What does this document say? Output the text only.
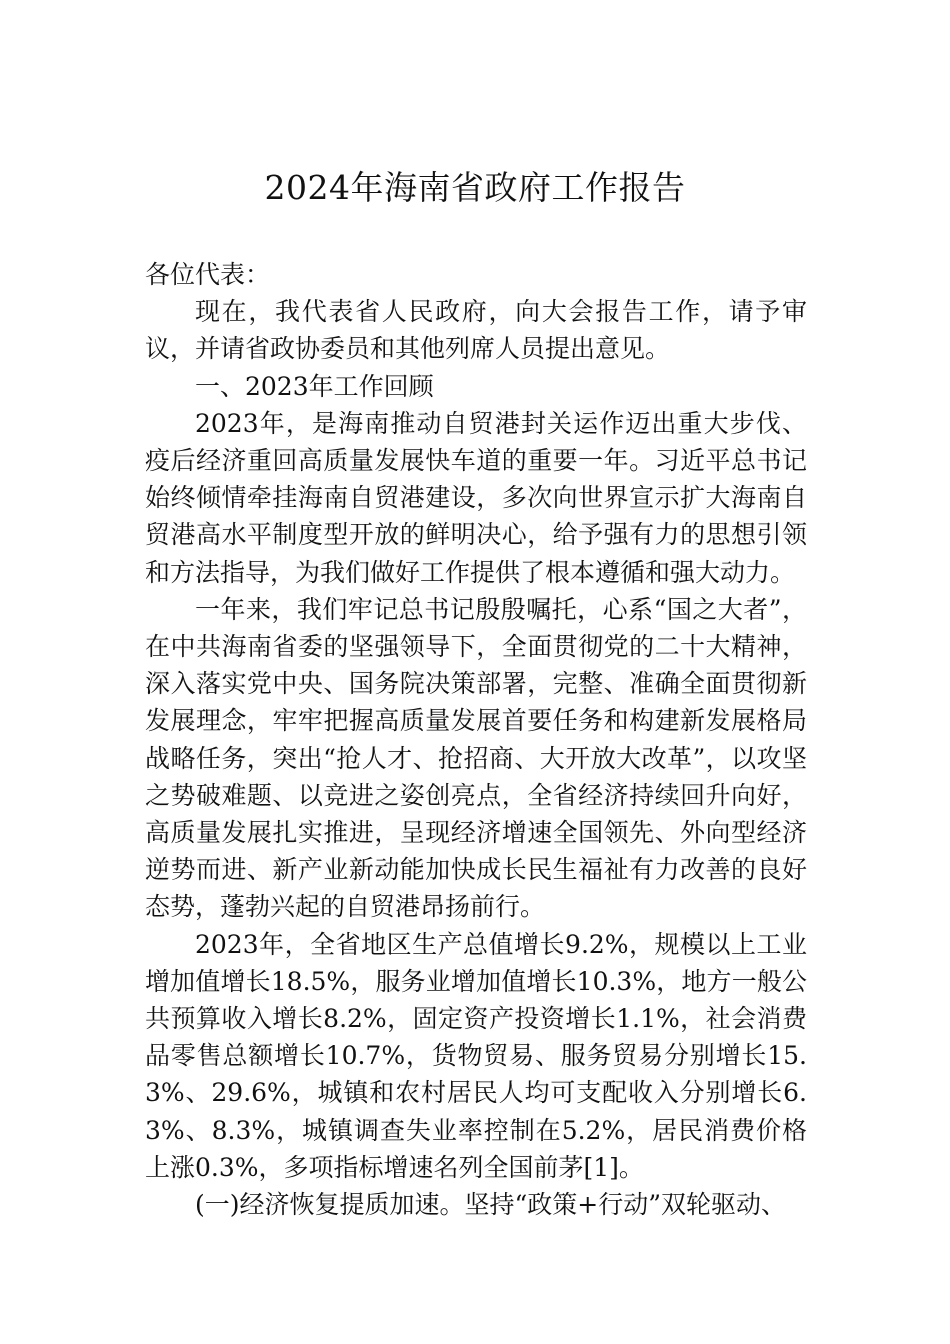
2024年海南省政府工作报告

各位代表：

现在，我代表省人民政府，向大会报告工作，请予审议，并请省政协委员和其他列席人员提出意见。

一、2023年工作回顾

2023年，是海南推动自贸港封关运作迈出重大步伐、疫后经济重回高质量发展快车道的重要一年。习近平总书记始终倾情牵挂海南自贸港建设，多次向世界宣示扩大海南自贸港高水平制度型开放的鲜明决心，给予强有力的思想引领和方法指导，为我们做好工作提供了根本遵循和强大动力。

一年来，我们牢记总书记殷殷嘱托，心系“国之大者”，在中共海南省委的坚强领导下，全面贯彻党的二十大精神，深入落实党中央、国务院决策部署，完整、准确全面贯彻新发展理念，牢牢把握高质量发展首要任务和构建新发展格局战略任务，突出“抢人才、抢招商、大开放大改革”，以攻坚之势破难题、以竞进之姿创亮点，全省经济持续回升向好，高质量发展扎实推进，呈现经济增速全国领先、外向型经济逆势而进、新产业新动能加快成长民生福祉有力改善的良好态势，蓬勃兴起的自贸港昂扬前行。

2023年，全省地区生产总值增长9.2%，规模以上工业增加值增长18.5%，服务业增加值增长10.3%，地方一般公共预算收入增长8.2%，固定资产投资增长1.1%，社会消费品零售总额增长10.7%，货物贸易、服务贸易分别增长15.3%、29.6%，城镇和农村居民人均可支配收入分别增长6.3%、8.3%，城镇调查失业率控制在5.2%，居民消费价格上涨0.3%，多项指标增速名列全国前茅[1]。

(一)经济恢复提质加速。坚持“政策+行动”双轮驱动、
